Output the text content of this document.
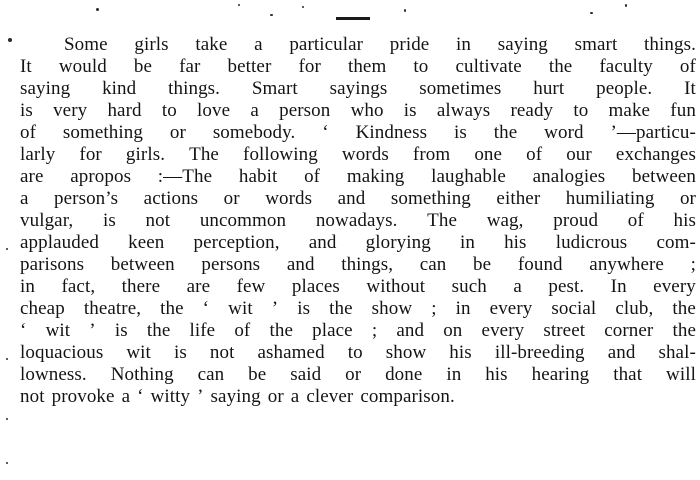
Some girls take a particular pride in saying smart things.
It would be far better for them to cultivate the faculty of
saying kind things. Smart sayings sometimes hurt people. It
is very hard to love a person who is always ready to make fun
of something or somebody. ‘ Kindness is the word ’—particu-
larly for girls. The following words from one of our exchanges
are apropos :—The habit of making laughable analogies between
a person’s actions or words and something either humiliating or
vulgar, is not uncommon nowadays. The wag, proud of his
applauded keen perception, and glorying in his ludicrous com-
parisons between persons and things, can be found anywhere ;
in fact, there are few places without such a pest. In every
cheap theatre, the ‘ wit ’ is the show ; in every social club, the
‘ wit ’ is the life of the place ; and on every street corner the
loquacious wit is not ashamed to show his ill-breeding and shal-
lowness. Nothing can be said or done in his hearing that will
not provoke a ‘ witty ’ saying or a clever comparison.
